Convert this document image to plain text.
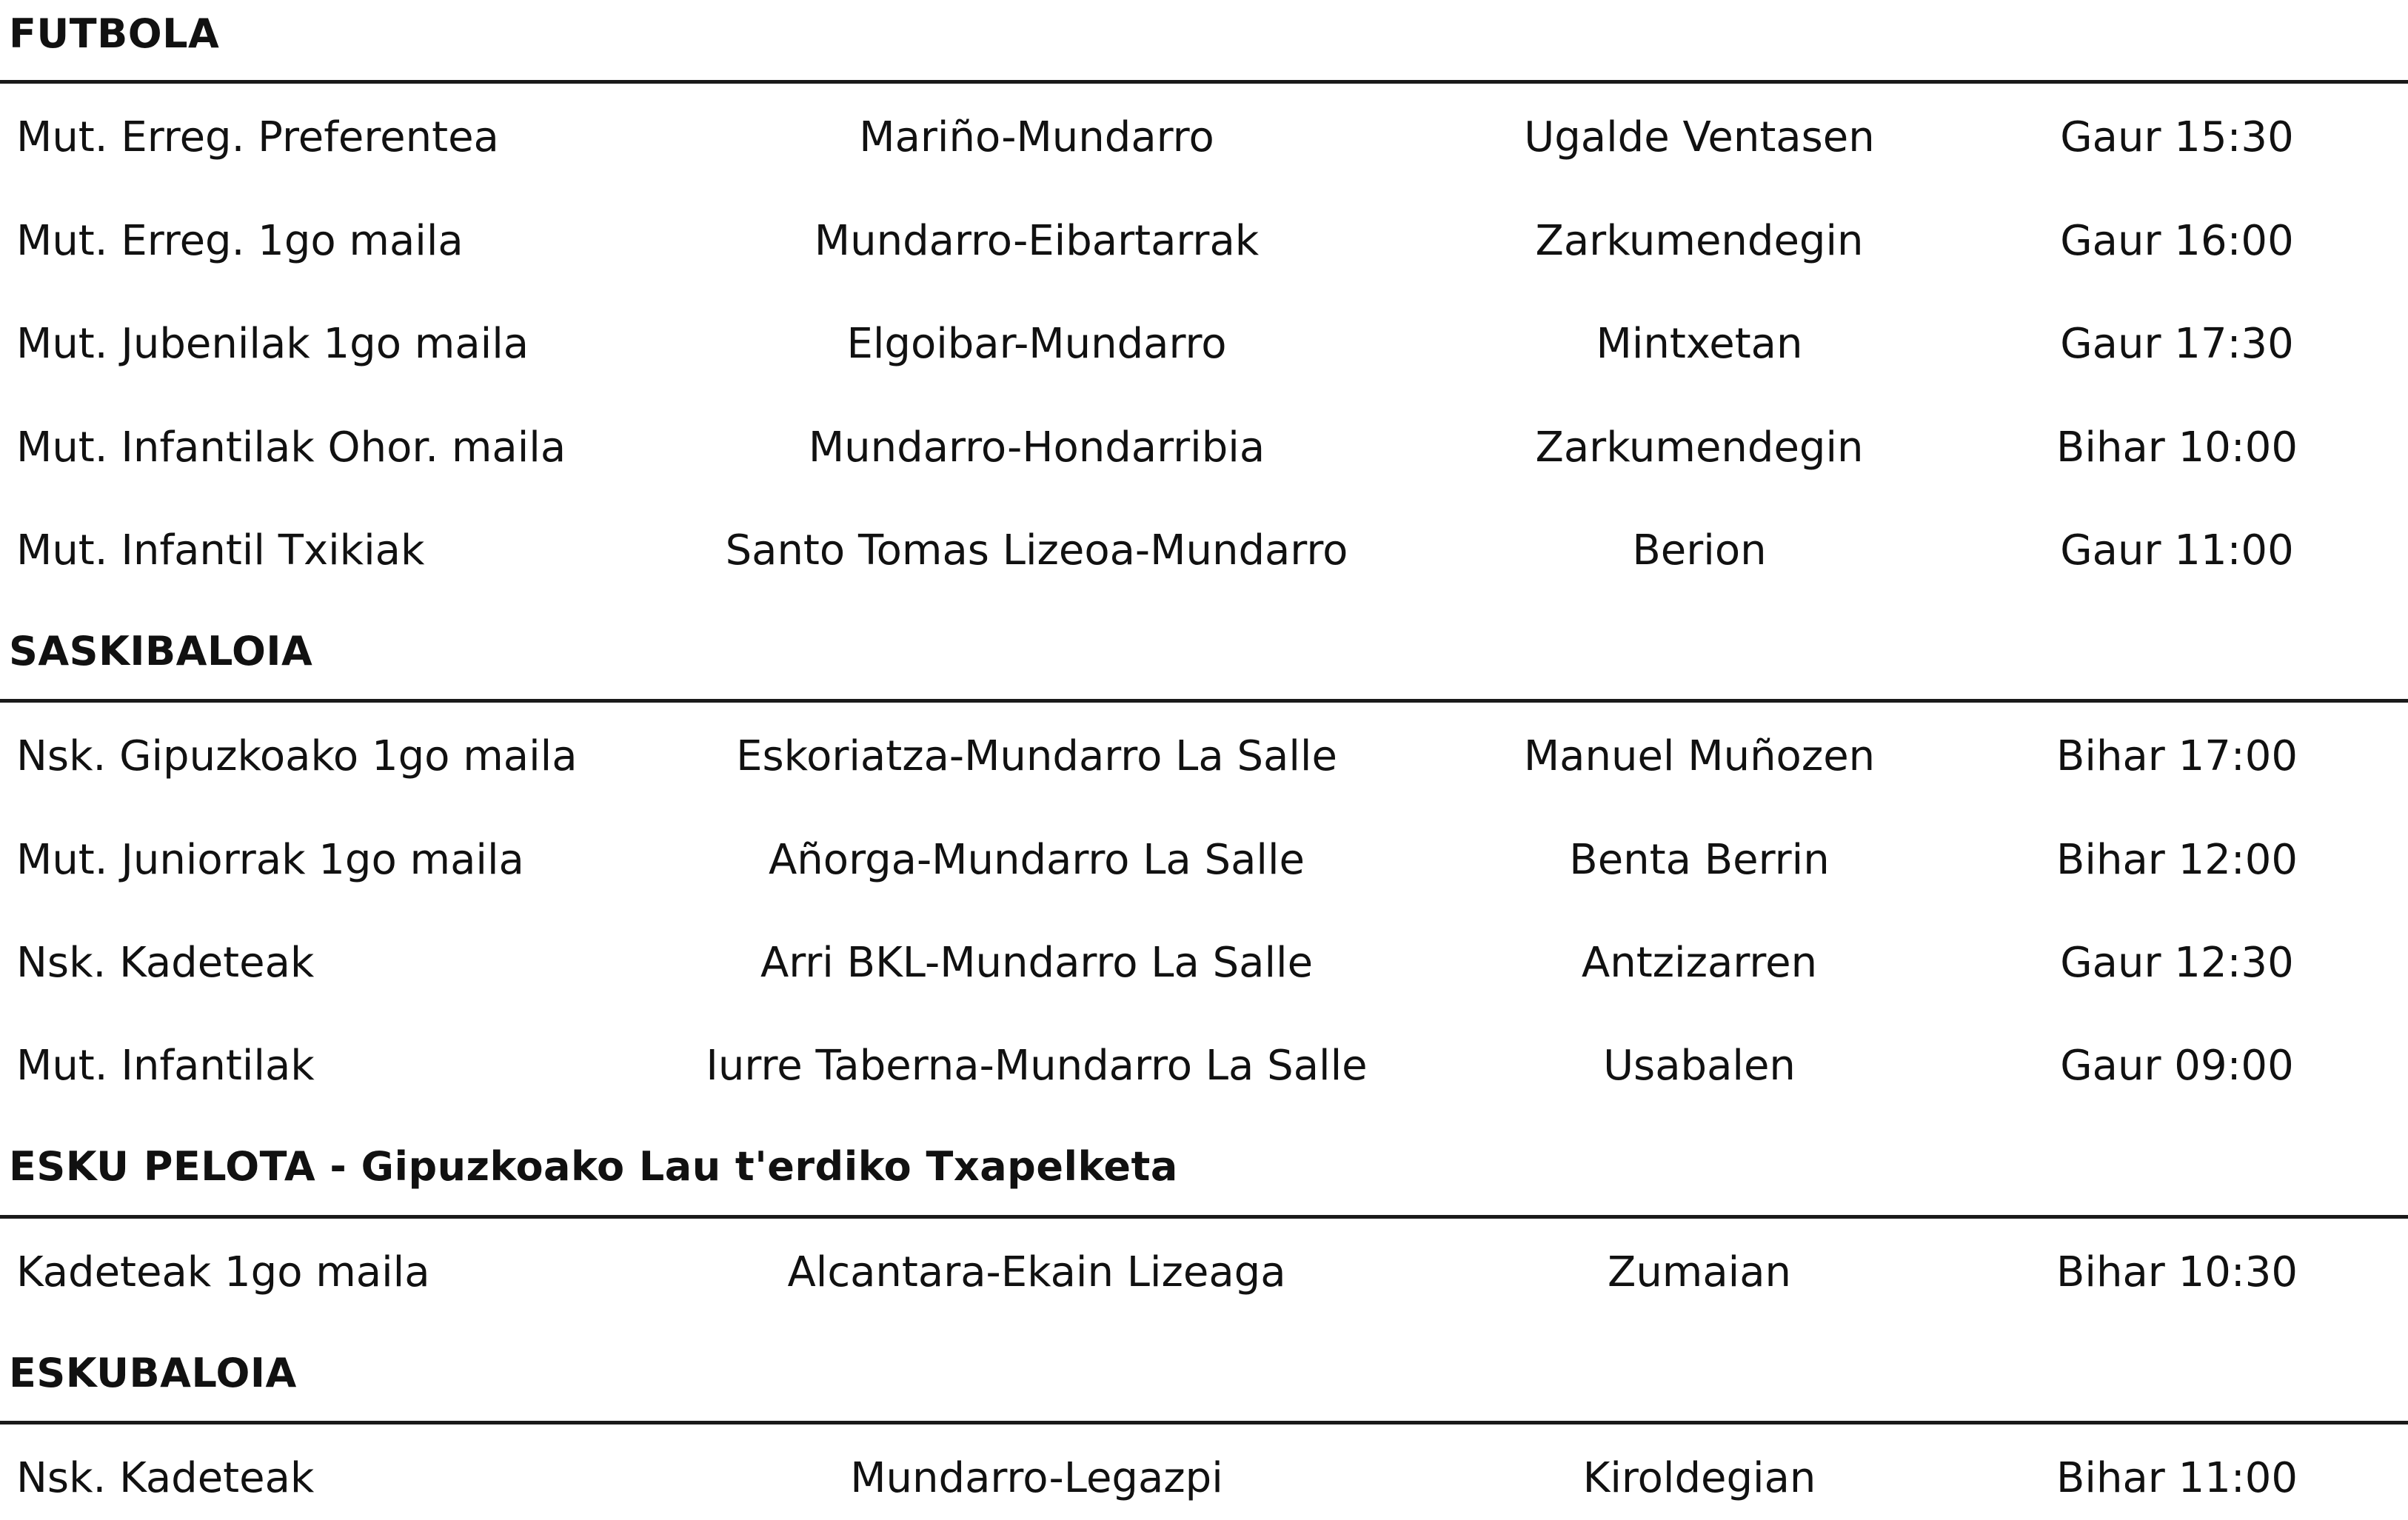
FUTBOLA
Mut. Erreg. Preferentea	Mariño-Mundarro	Ugalde Ventasen	Gaur 15:30
Mut. Erreg. 1go maila	Mundarro-Eibartarrak	Zarkumendegin	Gaur 16:00
Mut. Jubenilak 1go maila	Elgoibar-Mundarro	Mintxetan	Gaur 17:30
Mut. Infantilak Ohor. maila	Mundarro-Hondarribia	Zarkumendegin	Bihar 10:00
Mut. Infantil Txikiak	Santo Tomas Lizeoa-Mundarro	Berion	Gaur 11:00
SASKIBALOIA
Nsk. Gipuzkoako 1go maila	Eskoriatza-Mundarro La Salle	Manuel Muñozen	Bihar 17:00
Mut. Juniorrak 1go maila	Añorga-Mundarro La Salle	Benta Berrin	Bihar 12:00
Nsk. Kadeteak	Arri BKL-Mundarro La Salle	Antzizarren	Gaur 12:30
Mut. Infantilak	Iurre Taberna-Mundarro La Salle	Usabalen	Gaur 09:00
ESKU PELOTA - Gipuzkoako Lau t'erdiko Txapelketa
Kadeteak 1go maila	Alcantara-Ekain Lizeaga	Zumaian	Bihar 10:30
ESKUBALOIA
Nsk. Kadeteak	Mundarro-Legazpi	Kiroldegian	Bihar 11:00
